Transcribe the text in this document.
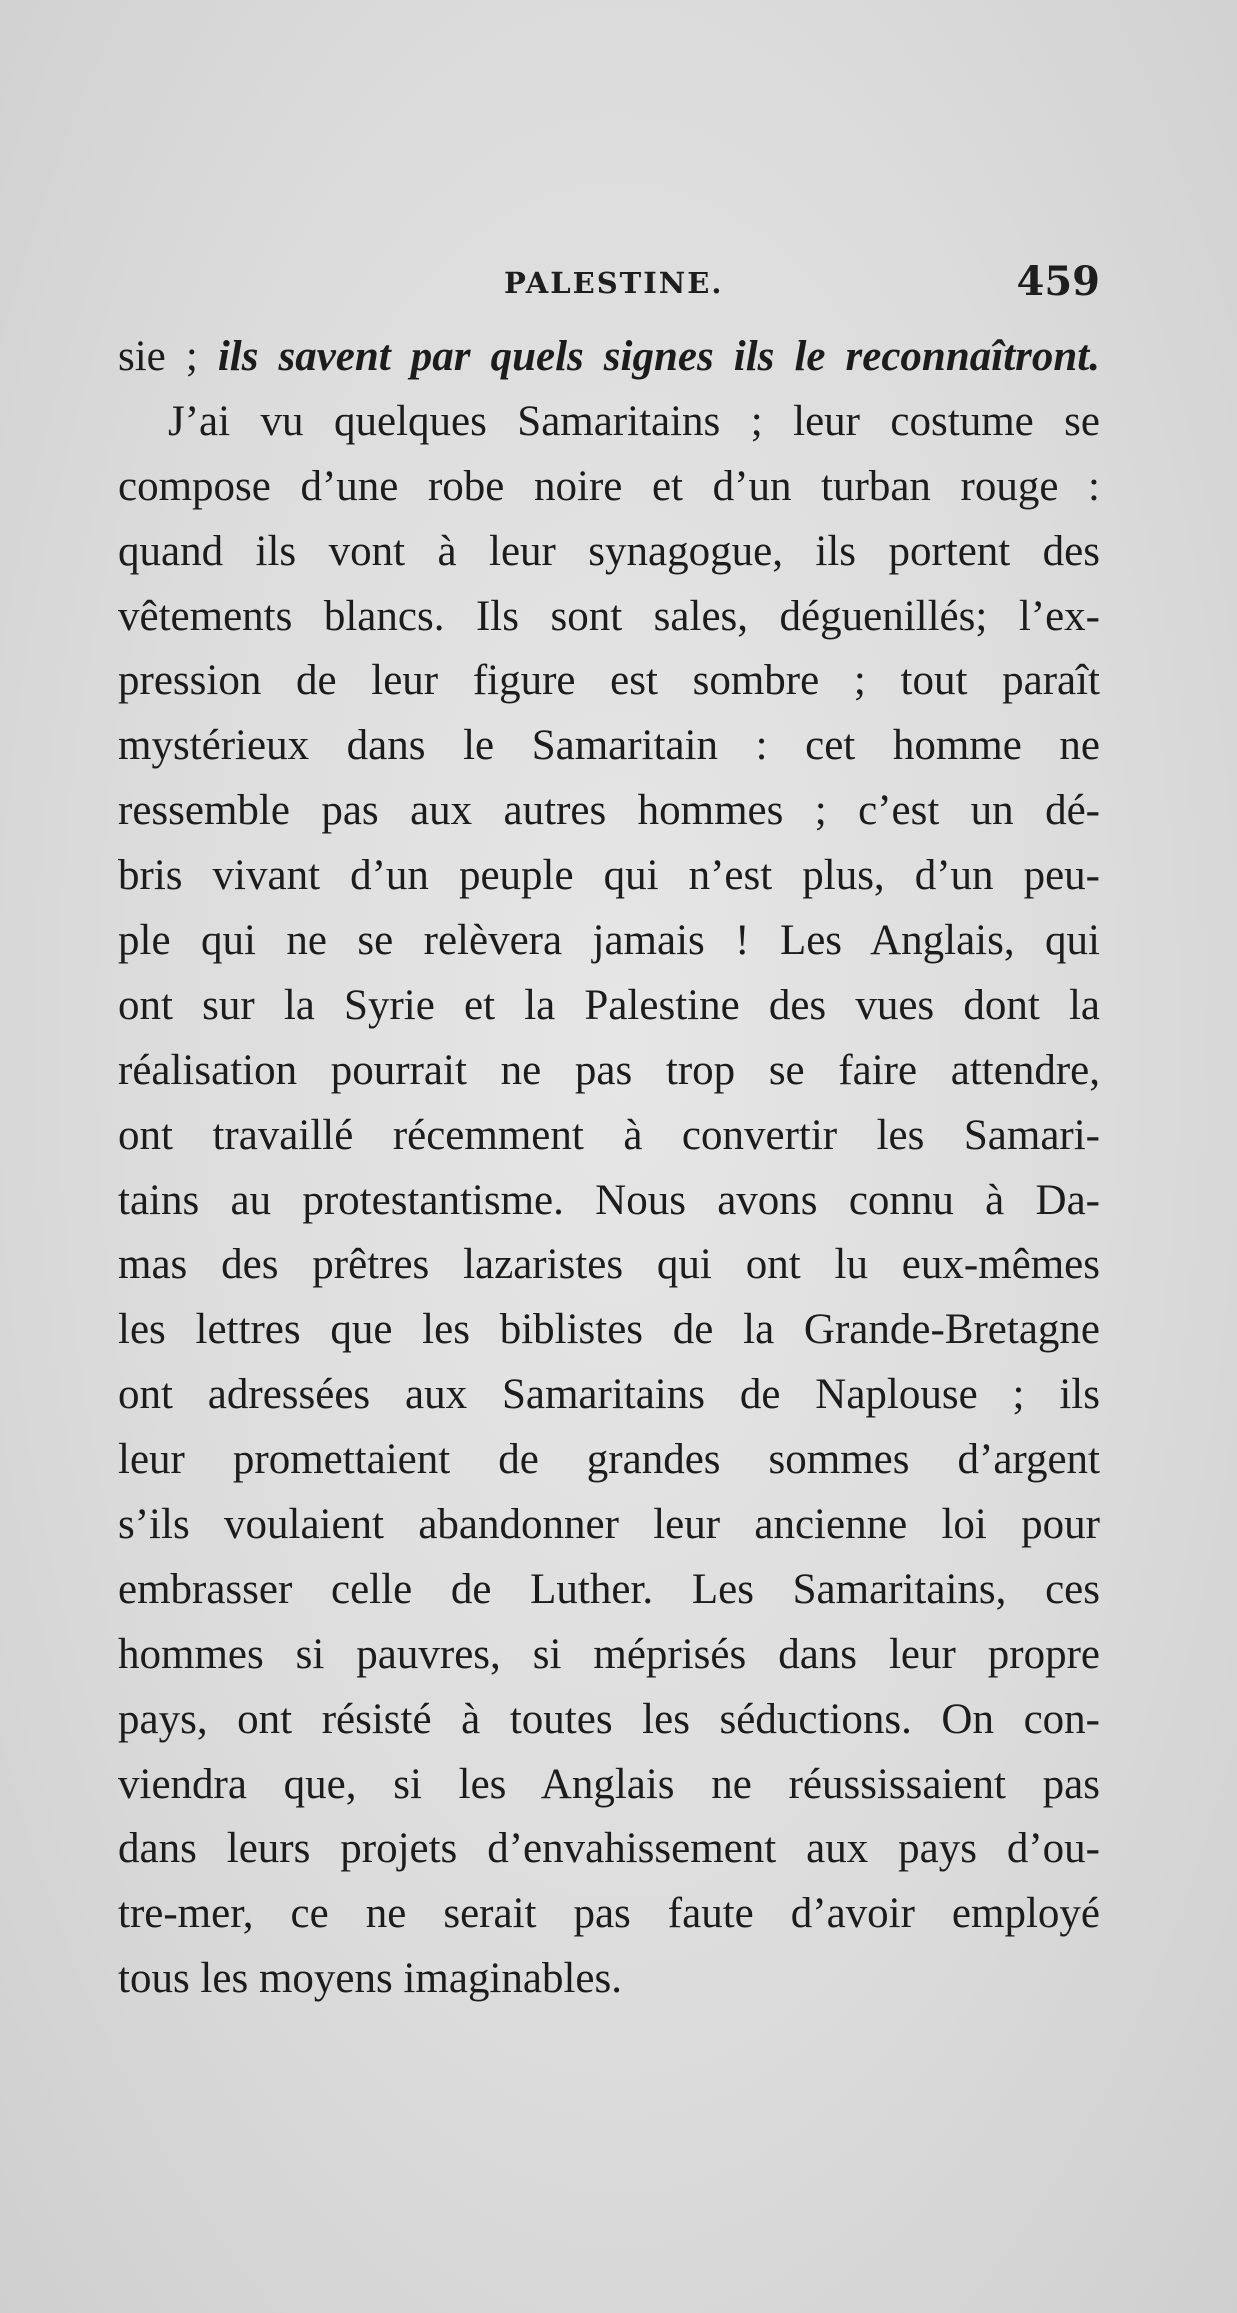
PALESTINE.	459
sie ; ils savent par quels signes ils le reconnaîtront.
J’ai vu quelques Samaritains ; leur costume se
compose d’une robe noire et d’un turban rouge :
quand ils vont à leur synagogue, ils portent des
vêtements blancs. Ils sont sales, déguenillés; l’ex-
pression de leur figure est sombre ; tout paraît
mystérieux dans le Samaritain : cet homme ne
ressemble pas aux autres hommes ; c’est un dé-
bris vivant d’un peuple qui n’est plus, d’un peu-
ple qui ne se relèvera jamais ! Les Anglais, qui
ont sur la Syrie et la Palestine des vues dont la
réalisation pourrait ne pas trop se faire attendre,
ont travaillé récemment à convertir les Samari-
tains au protestantisme. Nous avons connu à Da-
mas des prêtres lazaristes qui ont lu eux-mêmes
les lettres que les biblistes de la Grande-Bretagne
ont adressées aux Samaritains de Naplouse ; ils
leur promettaient de grandes sommes d’argent
s’ils voulaient abandonner leur ancienne loi pour
embrasser celle de Luther. Les Samaritains, ces
hommes si pauvres, si méprisés dans leur propre
pays, ont résisté à toutes les séductions. On con-
viendra que, si les Anglais ne réussissaient pas
dans leurs projets d’envahissement aux pays d’ou-
tre-mer, ce ne serait pas faute d’avoir employé
tous les moyens imaginables.
